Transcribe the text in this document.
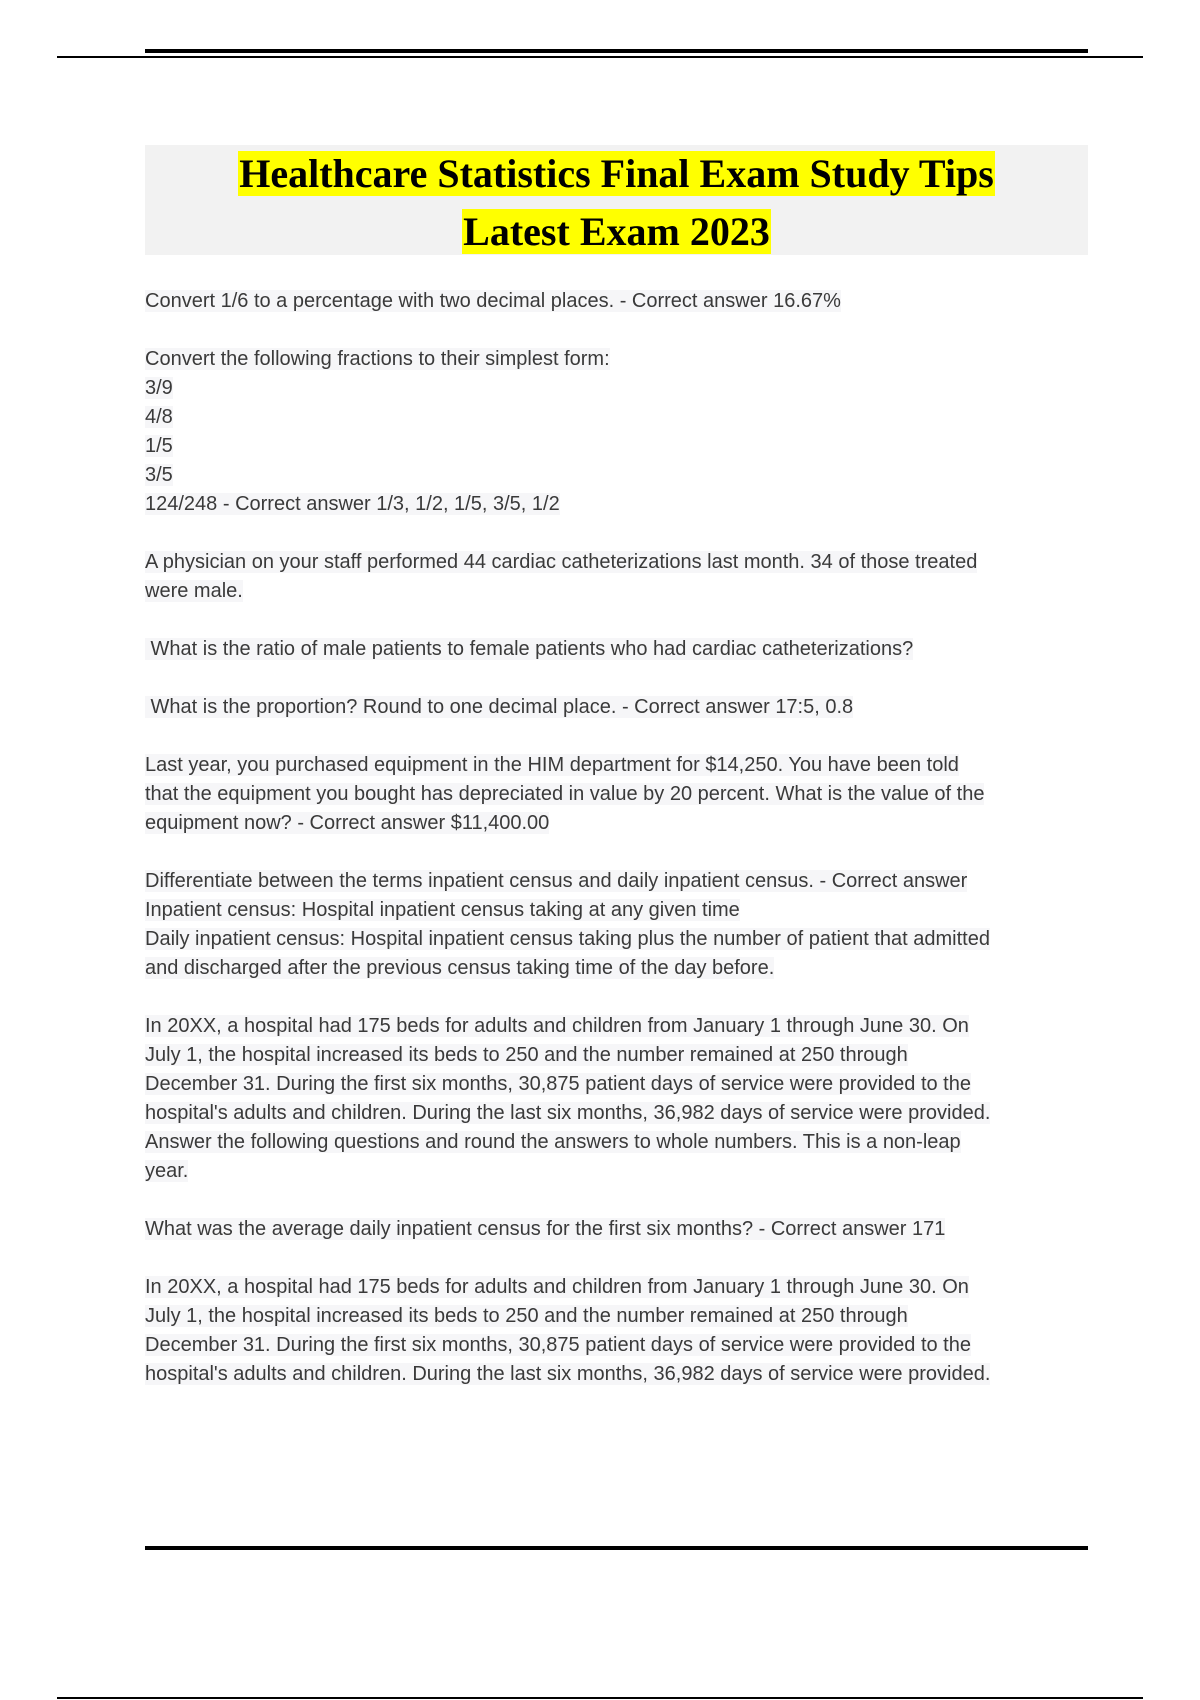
Healthcare Statistics Final Exam Study Tips
Latest Exam 2023
Convert 1/6 to a percentage with two decimal places. - Correct answer 16.67%
Convert the following fractions to their simplest form:
3/9
4/8
1/5
3/5
124/248 - Correct answer 1/3, 1/2, 1/5, 3/5, 1/2
A physician on your staff performed 44 cardiac catheterizations last month. 34 of those treated
were male.
What is the ratio of male patients to female patients who had cardiac catheterizations?
What is the proportion? Round to one decimal place. - Correct answer 17:5, 0.8
Last year, you purchased equipment in the HIM department for $14,250. You have been told
that the equipment you bought has depreciated in value by 20 percent. What is the value of the
equipment now? - Correct answer $11,400.00
Differentiate between the terms inpatient census and daily inpatient census. - Correct answer
Inpatient census: Hospital inpatient census taking at any given time
Daily inpatient census: Hospital inpatient census taking plus the number of patient that admitted
and discharged after the previous census taking time of the day before.
In 20XX, a hospital had 175 beds for adults and children from January 1 through June 30. On
July 1, the hospital increased its beds to 250 and the number remained at 250 through
December 31. During the first six months, 30,875 patient days of service were provided to the
hospital's adults and children. During the last six months, 36,982 days of service were provided.
Answer the following questions and round the answers to whole numbers. This is a non-leap
year.
What was the average daily inpatient census for the first six months? - Correct answer 171
In 20XX, a hospital had 175 beds for adults and children from January 1 through June 30. On
July 1, the hospital increased its beds to 250 and the number remained at 250 through
December 31. During the first six months, 30,875 patient days of service were provided to the
hospital's adults and children. During the last six months, 36,982 days of service were provided.
